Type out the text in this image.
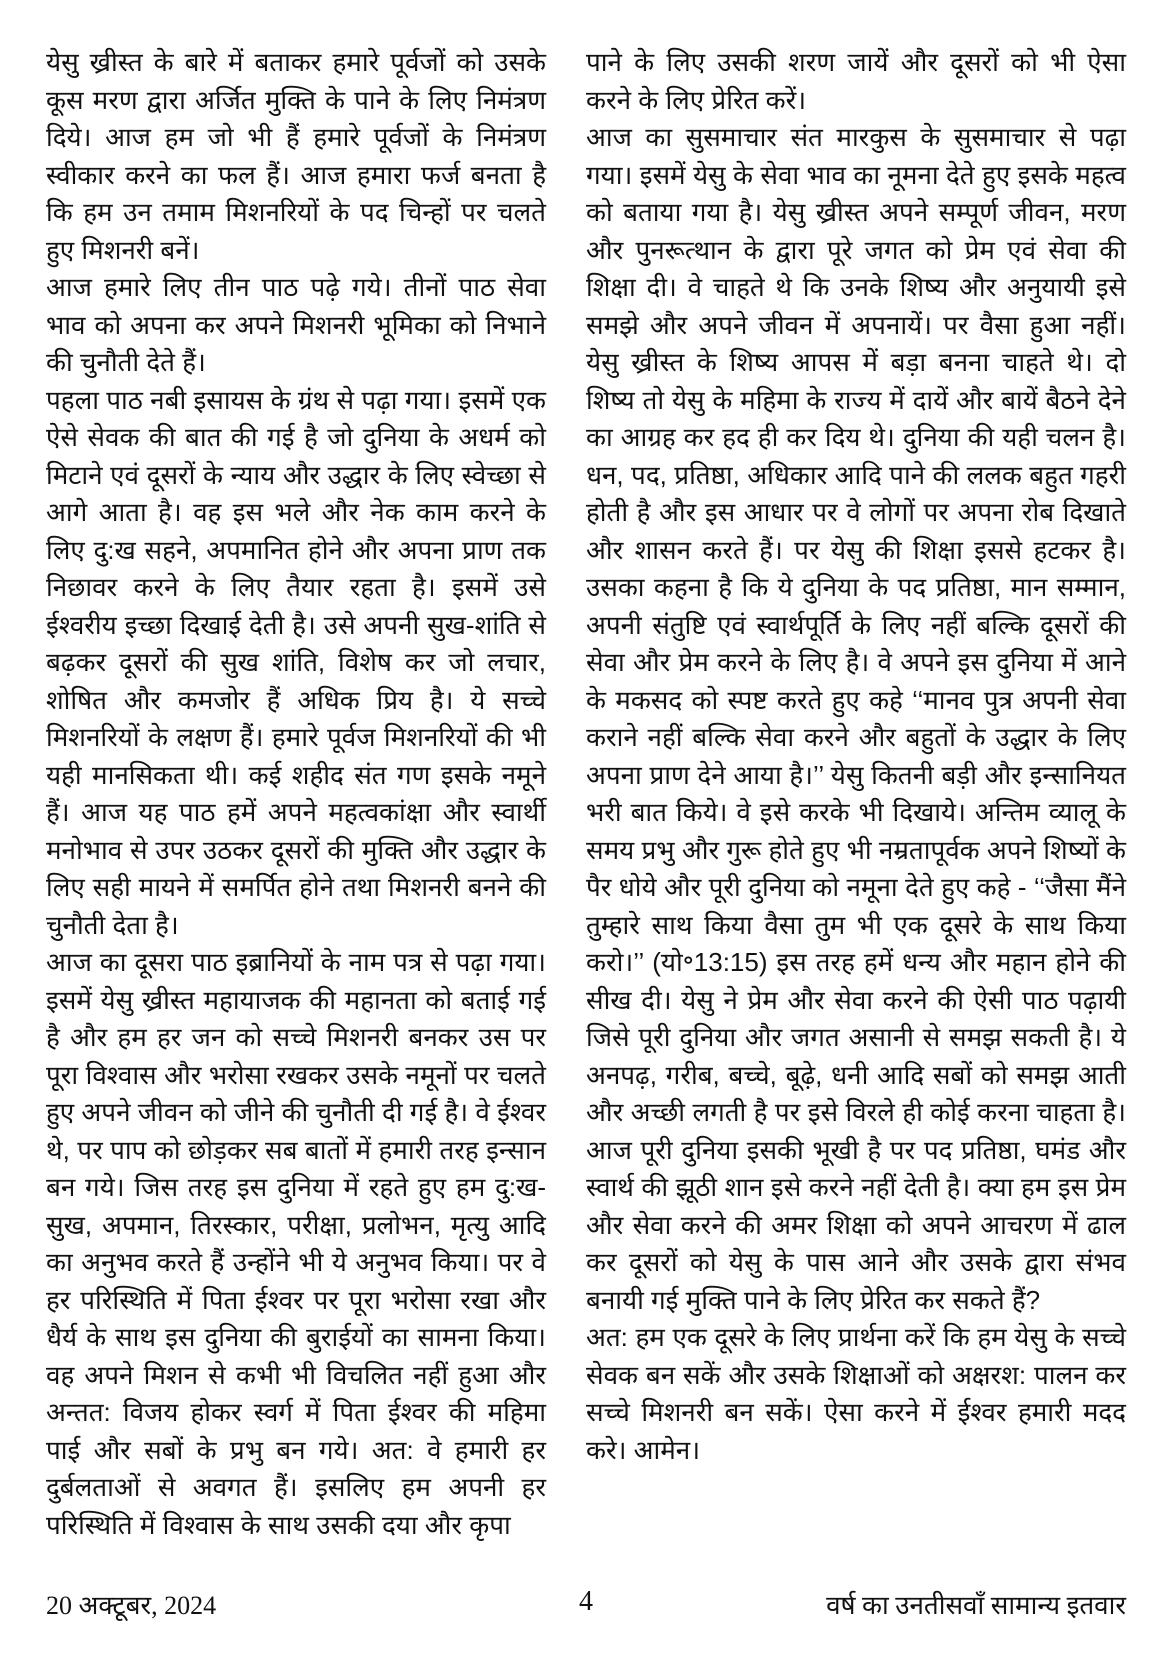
येसु ख्रीस्त के बारे में बताकर हमारे पूर्वजों को उसके कूस मरण द्वारा अर्जित मुक्ति के पाने के लिए निमंत्रण दिये। आज हम जो भी हैं हमारे पूर्वजों के निमंत्रण स्वीकार करने का फल हैं। आज हमारा फर्ज बनता है कि हम उन तमाम मिशनरियों के पद चिन्हों पर चलते हुए मिशनरी बनें।

आज हमारे लिए तीन पाठ पढ़े गये। तीनों पाठ सेवा भाव को अपना कर अपने मिशनरी भूमिका को निभाने की चुनौती देते हैं।

पहला पाठ नबी इसायस के ग्रंथ से पढ़ा गया। इसमें एक ऐसे सेवक की बात की गई है जो दुनिया के अधर्म को मिटाने एवं दूसरों के न्याय और उद्धार के लिए स्वेच्छा से आगे आता है। वह इस भले और नेक काम करने के लिए दु:ख सहने, अपमानित होने और अपना प्राण तक निछावर करने के लिए तैयार रहता है। इसमें उसे ईश्वरीय इच्छा दिखाई देती है। उसे अपनी सुख-शांति से बढ़कर दूसरों की सुख शांति, विशेष कर जो लचार, शोषित और कमजोर हैं अधिक प्रिय है। ये सच्चे मिशनरियों के लक्षण हैं। हमारे पूर्वज मिशनरियों की भी यही मानसिकता थी। कई शहीद संत गण इसके नमूने हैं। आज यह पाठ हमें अपने महत्वकांक्षा और स्वार्थी मनोभाव से उपर उठकर दूसरों की मुक्ति और उद्धार के लिए सही मायने में समर्पित होने तथा मिशनरी बनने की चुनौती देता है।

आज का दूसरा पाठ इब्रानियों के नाम पत्र से पढ़ा गया। इसमें येसु ख्रीस्त महायाजक की महानता को बताई गई है और हम हर जन को सच्चे मिशनरी बनकर उस पर पूरा विश्वास और भरोसा रखकर उसके नमूनों पर चलते हुए अपने जीवन को जीने की चुनौती दी गई है। वे ईश्वर थे, पर पाप को छोड़कर सब बातों में हमारी तरह इन्सान बन गये। जिस तरह इस दुनिया में रहते हुए हम दु:ख-सुख, अपमान, तिरस्कार, परीक्षा, प्रलोभन, मृत्यु आदि का अनुभव करते हैं उन्होंने भी ये अनुभव किया। पर वे हर परिस्थिति में पिता ईश्वर पर पूरा भरोसा रखा और धैर्य के साथ इस दुनिया की बुराईयों का सामना किया। वह अपने मिशन से कभी भी विचलित नहीं हुआ और अन्तत: विजय होकर स्वर्ग में पिता ईश्वर की महिमा पाई और सबों के प्रभु बन गये। अत: वे हमारी हर दुर्बलताओं से अवगत हैं। इसलिए हम अपनी हर परिस्थिति में विश्वास के साथ उसकी दया और कृपा

पाने के लिए उसकी शरण जायें और दूसरों को भी ऐसा करने के लिए प्रेरित करें।

आज का सुसमाचार संत मारकुस के सुसमाचार से पढ़ा गया। इसमें येसु के सेवा भाव का नूमना देते हुए इसके महत्व को बताया गया है। येसु ख्रीस्त अपने सम्पूर्ण जीवन, मरण और पुनरूत्थान के द्वारा पूरे जगत को प्रेम एवं सेवा की शिक्षा दी। वे चाहते थे कि उनके शिष्य और अनुयायी इसे समझे और अपने जीवन में अपनायें। पर वैसा हुआ नहीं। येसु ख्रीस्त के शिष्य आपस में बड़ा बनना चाहते थे। दो शिष्य तो येसु के महिमा के राज्य में दायें और बायें बैठने देने का आग्रह कर हद ही कर दिय थे। दुनिया की यही चलन है। धन, पद, प्रतिष्ठा, अधिकार आदि पाने की ललक बहुत गहरी होती है और इस आधार पर वे लोगों पर अपना रोब दिखाते और शासन करते हैं। पर येसु की शिक्षा इससे हटकर है। उसका कहना है कि ये दुनिया के पद प्रतिष्ठा, मान सम्मान, अपनी संतुष्टि एवं स्वार्थपूर्ति के लिए नहीं बल्कि दूसरों की सेवा और प्रेम करने के लिए है। वे अपने इस दुनिया में आने के मकसद को स्पष्ट करते हुए कहे ‘‘मानव पुत्र अपनी सेवा कराने नहीं बल्कि सेवा करने और बहुतों के उद्धार के लिए अपना प्राण देने आया है।’’ येसु कितनी बड़ी और इन्सानियत भरी बात किये। वे इसे करके भी दिखाये। अन्तिम व्यालू के समय प्रभु और गुरू होते हुए भी नम्रतापूर्वक अपने शिष्यों के पैर धोये और पूरी दुनिया को नमूना देते हुए कहे - ‘‘जैसा मैंने तुम्हारे साथ किया वैसा तुम भी एक दूसरे के साथ किया करो।’’ (यो॰13:15) इस तरह हमें धन्य और महान होने की सीख दी। येसु ने प्रेम और सेवा करने की ऐसी पाठ पढ़ायी जिसे पूरी दुनिया और जगत असानी से समझ सकती है। ये अनपढ़, गरीब, बच्चे, बूढ़े, धनी आदि सबों को समझ आती और अच्छी लगती है पर इसे विरले ही कोई करना चाहता है। आज पूरी दुनिया इसकी भूखी है पर पद प्रतिष्ठा, घमंड और स्वार्थ की झूठी शान इसे करने नहीं देती है। क्या हम इस प्रेम और सेवा करने की अमर शिक्षा को अपने आचरण में ढाल कर दूसरों को येसु के पास आने और उसके द्वारा संभव बनायी गई मुक्ति पाने के लिए प्रेरित कर सकते हैं?

अत: हम एक दूसरे के लिए प्रार्थना करें कि हम येसु के सच्चे सेवक बन सकें और उसके शिक्षाओं को अक्षरश: पालन कर सच्चे मिशनरी बन सकें। ऐसा करने में ईश्वर हमारी मदद करे। आमेन।

20 अक्टूबर, 2024	4	वर्ष का उनतीसवाँ सामान्य इतवार
